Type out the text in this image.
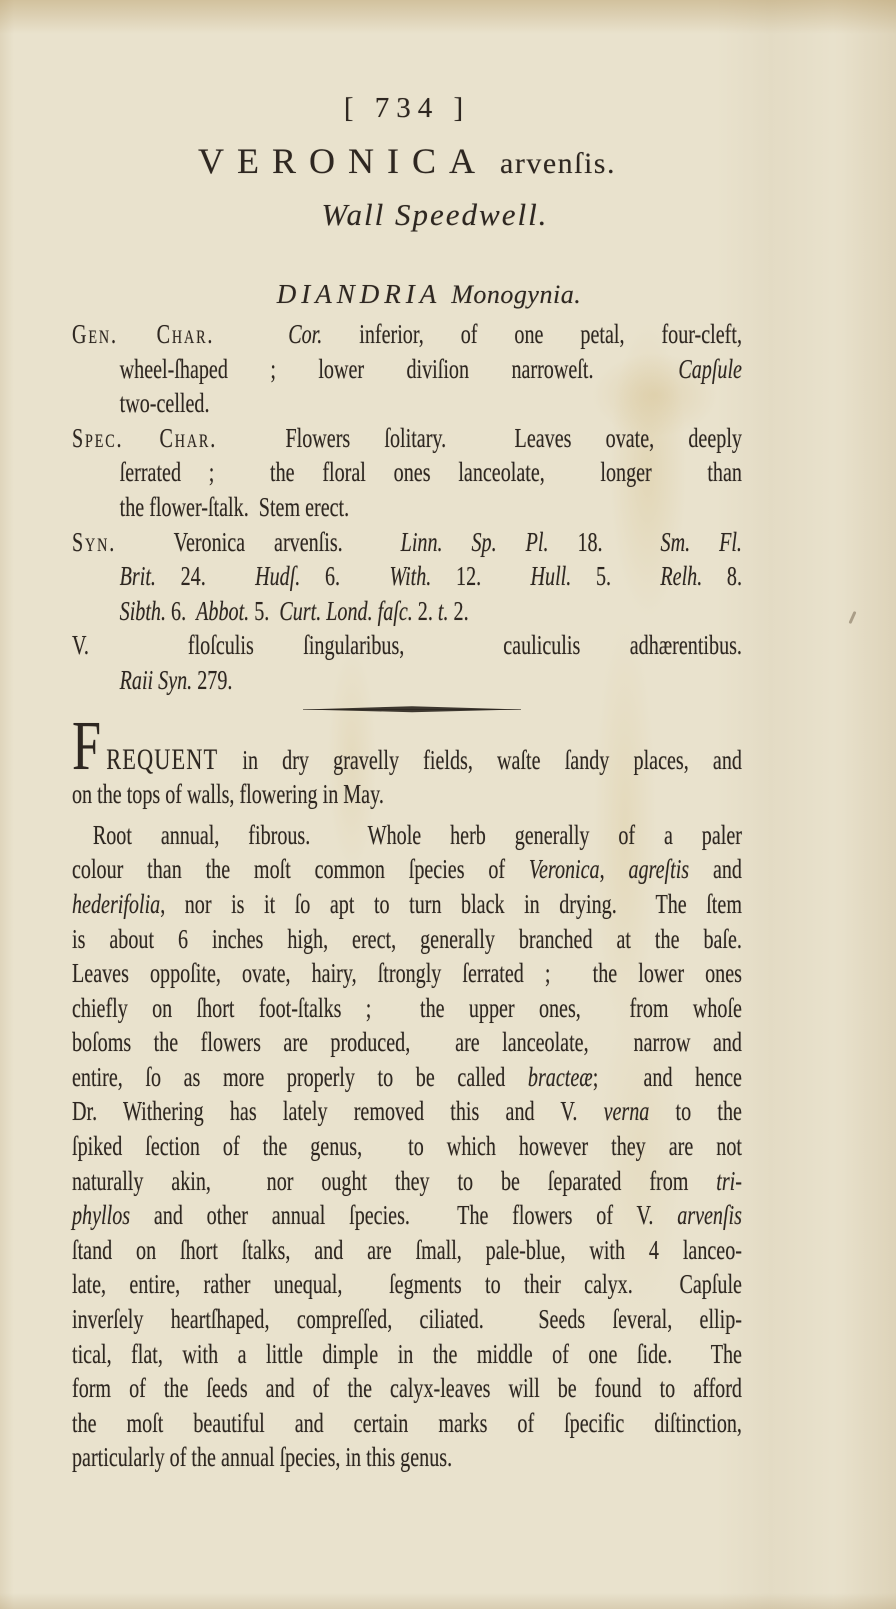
[ 734 ]
VERONICA arvenſis.
Wall Speedwell.
DIANDRIA Monogynia.
Gen. Char.	Cor. inferior, of one petal, four-cleft,
wheel-ſhaped ; lower diviſion narroweſt.  Capſule
two-celled.
Spec. Char.  Flowers ſolitary.  Leaves ovate, deeply
ſerrated ;  the floral ones lanceolate,  longer  than
the flower-ſtalk.  Stem erect.
Syn.  Veronica arvenſis.  Linn. Sp. Pl. 18.  Sm. Fl.
Brit. 24.  Hudſ. 6.  With. 12.  Hull. 5.  Relh. 8.
Sibth. 6.  Abbot. 5.  Curt. Lond. faſc. 2. t. 2.
V.  floſculis ſingularibus,  cauliculis adhærentibus.
Raii Syn. 279.
FREQUENT in dry gravelly fields, waſte ſandy places, and
on the tops of walls, flowering in May.
Root annual, fibrous.  Whole herb generally of a paler
colour than the moſt common ſpecies of Veronica, agreſtis and
hederifolia, nor is it ſo apt to turn black in drying.  The ſtem
is about 6 inches high, erect, generally branched at the baſe.
Leaves oppoſite, ovate, hairy, ſtrongly ſerrated ;  the lower ones
chiefly on ſhort foot-ſtalks ;  the upper ones,  from whoſe
boſoms the flowers are produced,  are lanceolate,  narrow and
entire, ſo as more properly to be called bracteæ;  and hence
Dr. Withering has lately removed this and V. verna to the
ſpiked ſection of the genus,  to which however they are not
naturally akin,  nor ought they to be ſeparated from tri-
phyllos and other annual ſpecies.  The flowers of V. arvenſis
ſtand on ſhort ſtalks, and are ſmall, pale-blue, with 4 lanceo-
late, entire, rather unequal,  ſegments to their calyx.  Capſule
inverſely heartſhaped, compreſſed, ciliated.  Seeds ſeveral, ellip-
tical, flat, with a little dimple in the middle of one ſide.  The
form of the ſeeds and of the calyx-leaves will be found to afford
the moſt beautiful and certain marks of ſpecific diſtinction,
particularly of the annual ſpecies, in this genus.
